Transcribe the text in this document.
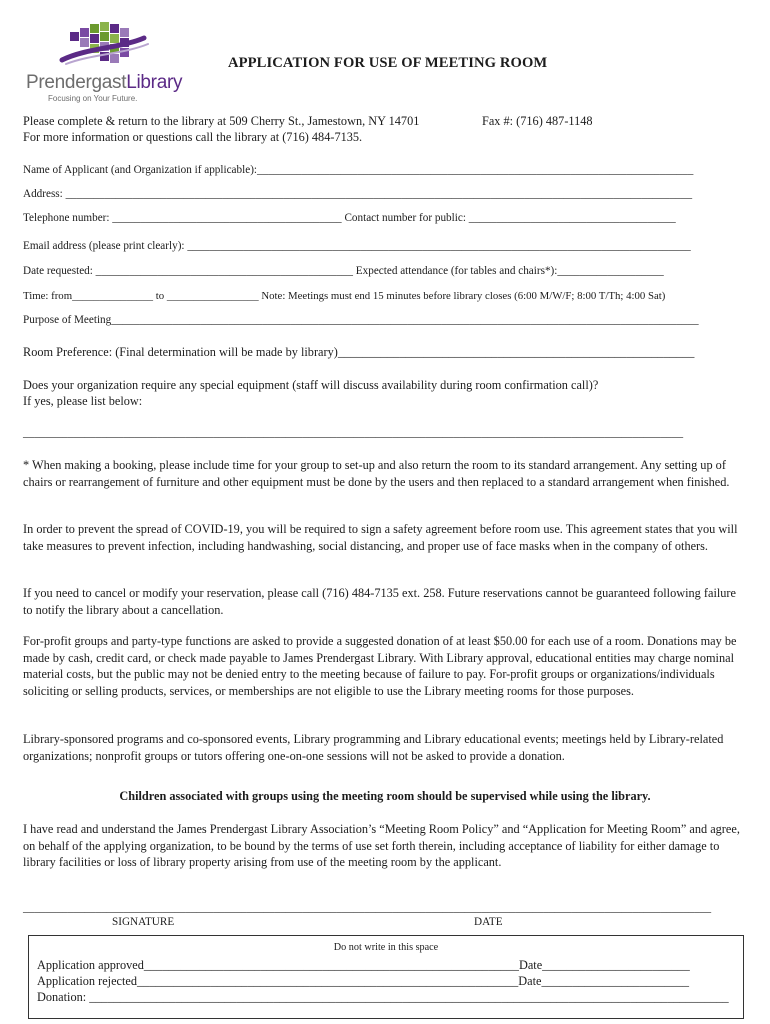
PrendergastLibrary
Focusing on Your Future.
APPLICATION FOR USE OF MEETING ROOM
Please complete & return to the library at 509 Cherry St., Jamestown, NY 14701	Fax #: (716) 487-1148
For more information or questions call the library at (716) 484-7135.
Name of Applicant (and Organization if applicable):______________________________________________________________________________
Address: ________________________________________________________________________________________________________________
Telephone number: _________________________________________ Contact number for public: _____________________________________
Email address (please print clearly): __________________________________________________________________________________________
Date requested: ______________________________________________ Expected attendance (for tables and chairs*):___________________
Time: from_______________ to _________________ Note: Meetings must end 15 minutes before library closes (6:00 M/W/F; 8:00 T/Th; 4:00 Sat)
Purpose of Meeting_________________________________________________________________________________________________________
Room Preference: (Final determination will be made by library)__________________________________________________________
Does your organization require any special equipment (staff will discuss availability during room confirmation call)?
If yes, please list below:
______________________________________________________________________________________________________________________
* When making a booking, please include time for your group to set-up and also return the room to its standard arrangement. Any setting up of chairs or rearrangement of furniture and other equipment must be done by the users and then replaced to a standard arrangement when finished.
In order to prevent the spread of COVID-19, you will be required to sign a safety agreement before room use. This agreement states that you will take measures to prevent infection, including handwashing, social distancing, and proper use of face masks when in the company of others.
If you need to cancel or modify your reservation, please call (716) 484-7135 ext. 258. Future reservations cannot be guaranteed following failure to notify the library about a cancellation.
For-profit groups and party-type functions are asked to provide a suggested donation of at least $50.00 for each use of a room. Donations may be made by cash, credit card, or check made payable to James Prendergast Library. With Library approval, educational entities may charge nominal material costs, but the public may not be denied entry to the meeting because of failure to pay. For-profit groups or organizations/individuals soliciting or selling products, services, or memberships are not eligible to use the Library meeting rooms for those purposes.
Library-sponsored programs and co-sponsored events, Library programming and Library educational events; meetings held by Library-related organizations; nonprofit groups or tutors offering one-on-one sessions will not be asked to provide a donation.
Children associated with groups using the meeting room should be supervised while using the library.
I have read and understand the James Prendergast Library Association’s “Meeting Room Policy” and “Application for Meeting Room” and agree, on behalf of the applying organization, to be bound by the terms of use set forth therein, including acceptance of liability for either damage to library facilities or loss of library property arising from use of the meeting room by the applicant.
___________________________________________________________________________________________________________________________
SIGNATURE	DATE
Do not write in this space
Application approved_____________________________________________________________Date________________________
Application rejected______________________________________________________________Date________________________
Donation: ________________________________________________________________________________________________________
